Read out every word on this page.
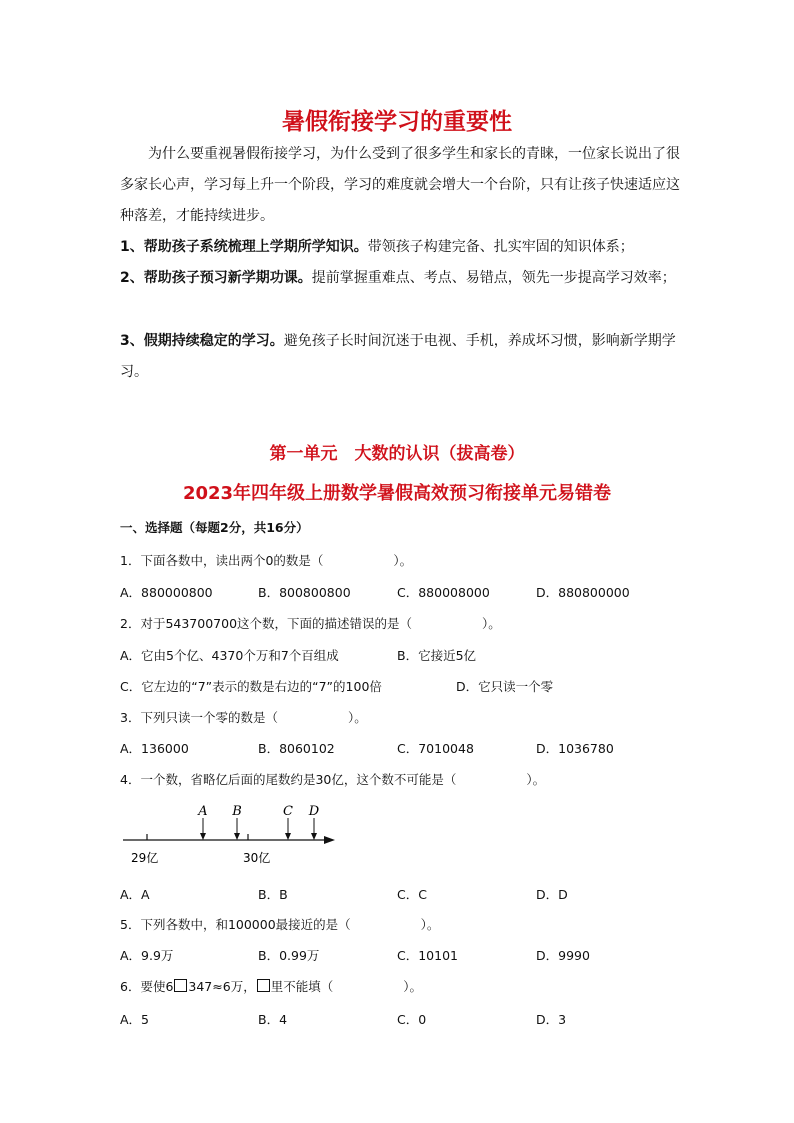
暑假衔接学习的重要性
为什么要重视暑假衔接学习，为什么受到了很多学生和家长的青睐，一位家长说出了很多家长心声，学习每上升一个阶段，学习的难度就会增大一个台阶，只有让孩子快速适应这种落差，才能持续进步。
1、帮助孩子系统梳理上学期所学知识。带领孩子构建完备、扎实牢固的知识体系；
2、帮助孩子预习新学期功课。提前掌握重难点、考点、易错点，领先一步提高学习效率；
3、假期持续稳定的学习。避免孩子长时间沉迷于电视、手机，养成坏习惯，影响新学期学习。
第一单元　大数的认识（拔高卷）
2023年四年级上册数学暑假高效预习衔接单元易错卷
一、选择题（每题2分，共16分）
1．下面各数中，读出两个0的数是（	）。
A．880000800	B．800800800	C．880008000	D．880800000
2．对于543700700这个数，下面的描述错误的是（	）。
A．它由5个亿、4370个万和7个百组成	B．它接近5亿
C．它左边的“7”表示的数是右边的“7”的100倍	D．它只读一个零
3．下列只读一个零的数是（	）。
A．136000	B．8060102	C．7010048	D．1036780
4．一个数，省略亿后面的尾数约是30亿，这个数不可能是（	）。
A B	C D
29亿	30亿
A．A	B．B	C．C	D．D
5．下列各数中，和100000最接近的是（	）。
A．9.9万	B．0.99万	C．10101	D．9990
6．要使6 347≈6万， 里不能填（	）。
A．5	B．4	C．0	D．3
